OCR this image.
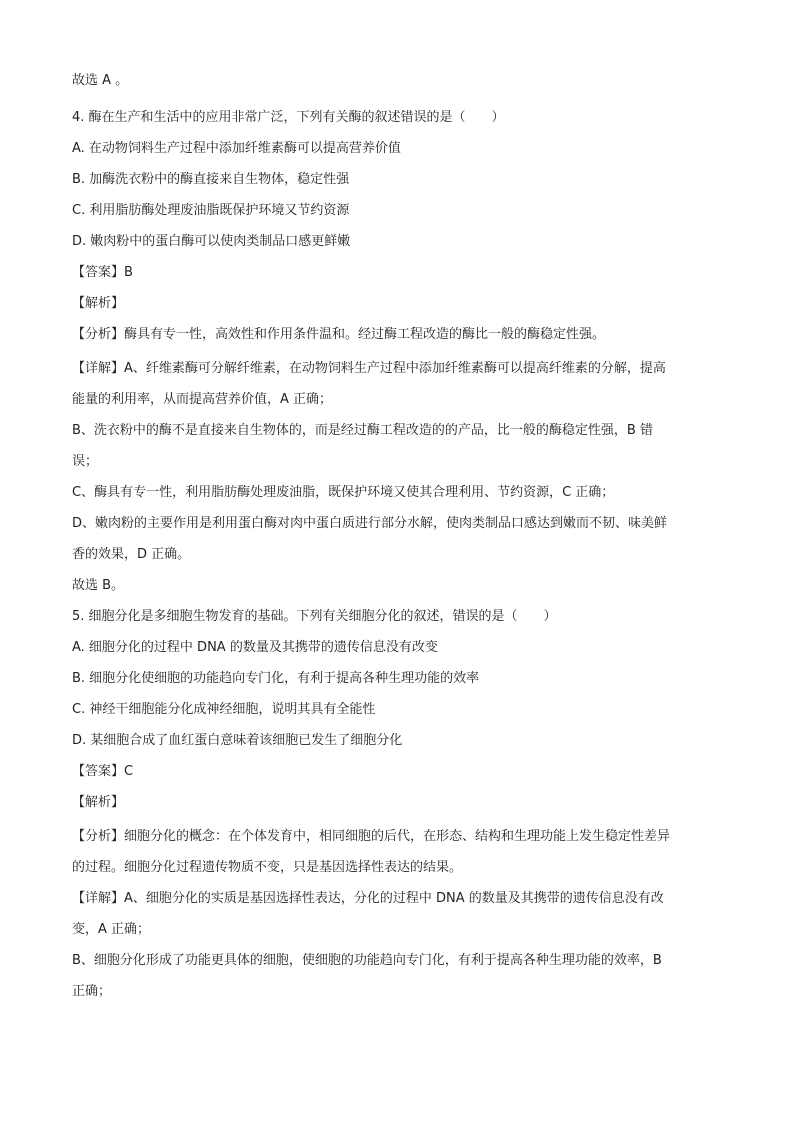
故选 A 。
4. 酶在生产和生活中的应用非常广泛，下列有关酶的叙述错误的是（　　）
A. 在动物饲料生产过程中添加纤维素酶可以提高营养价值
B. 加酶洗衣粉中的酶直接来自生物体，稳定性强
C. 利用脂肪酶处理废油脂既保护环境又节约资源
D. 嫩肉粉中的蛋白酶可以使肉类制品口感更鲜嫩
【答案】B
【解析】
【分析】酶具有专一性，高效性和作用条件温和。经过酶工程改造的酶比一般的酶稳定性强。
【详解】A、纤维素酶可分解纤维素，在动物饲料生产过程中添加纤维素酶可以提高纤维素的分解，提高
能量的利用率，从而提高营养价值，A 正确；
B、洗衣粉中的酶不是直接来自生物体的，而是经过酶工程改造的的产品，比一般的酶稳定性强，B 错
误；
C、酶具有专一性，利用脂肪酶处理废油脂，既保护环境又使其合理利用、节约资源，C 正确；
D、嫩肉粉的主要作用是利用蛋白酶对肉中蛋白质进行部分水解，使肉类制品口感达到嫩而不韧、味美鲜
香的效果，D 正确。
故选 B。
5. 细胞分化是多细胞生物发育的基础。下列有关细胞分化的叙述，错误的是（　　）
A. 细胞分化的过程中 DNA 的数量及其携带的遗传信息没有改变
B. 细胞分化使细胞的功能趋向专门化，有利于提高各种生理功能的效率
C. 神经干细胞能分化成神经细胞，说明其具有全能性
D. 某细胞合成了血红蛋白意味着该细胞已发生了细胞分化
【答案】C
【解析】
【分析】细胞分化的概念：在个体发育中，相同细胞的后代，在形态、结构和生理功能上发生稳定性差异
的过程。细胞分化过程遗传物质不变，只是基因选择性表达的结果。
【详解】A、细胞分化的实质是基因选择性表达，分化的过程中 DNA 的数量及其携带的遗传信息没有改
变，A 正确；
B、细胞分化形成了功能更具体的细胞，使细胞的功能趋向专门化，有利于提高各种生理功能的效率，B
正确；
